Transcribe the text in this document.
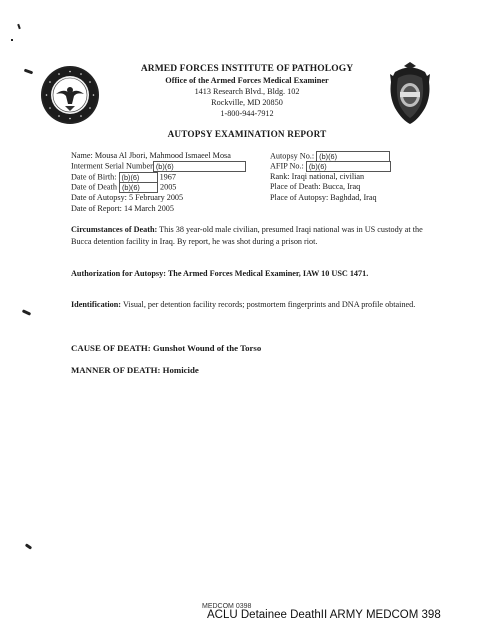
ARMED FORCES INSTITUTE OF PATHOLOGY
Office of the Armed Forces Medical Examiner
1413 Research Blvd., Bldg. 102
Rockville, MD 20850
1-800-944-7912
AUTOPSY EXAMINATION REPORT
Name: Mousa Al Jbori, Mahmood Ismaeel Mosa
Interment Serial Number (b)(6)
Date of Birth: (b)(6) 1967
Date of Death (b)(6) 2005
Date of Autopsy: 5 February 2005
Date of Report: 14 March 2005
Autopsy No.: (b)(6)
AFIP No.: (b)(6)
Rank: Iraqi national, civilian
Place of Death: Bucca, Iraq
Place of Autopsy: Baghdad, Iraq
Circumstances of Death: This 38 year-old male civilian, presumed Iraqi national was in US custody at the Bucca detention facility in Iraq. By report, he was shot during a prison riot.
Authorization for Autopsy: The Armed Forces Medical Examiner, IAW 10 USC 1471.
Identification: Visual, per detention facility records; postmortem fingerprints and DNA profile obtained.
CAUSE OF DEATH: Gunshot Wound of the Torso
MANNER OF DEATH: Homicide
MEDCOM 0398
ACLU Detainee DeathII ARMY MEDCOM 398
